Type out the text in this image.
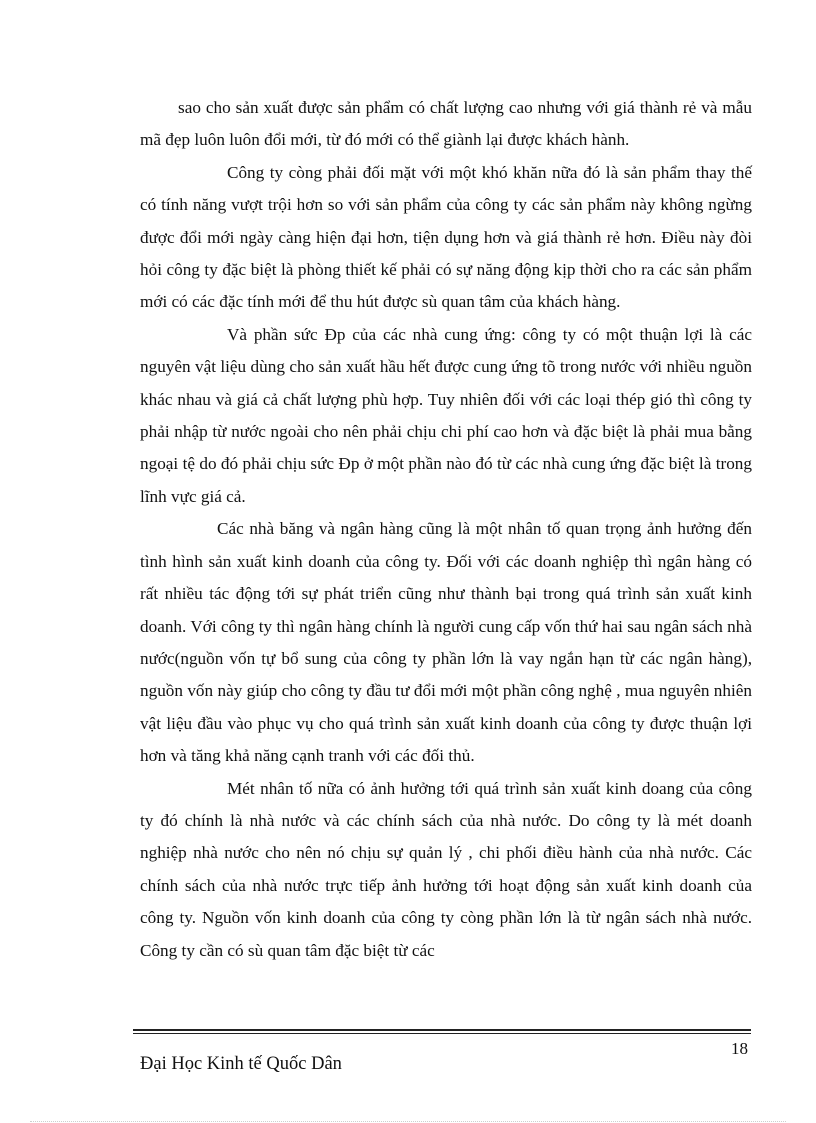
sao cho sản xuất được sản phẩm có chất lượng cao nhưng với giá thành rẻ và mẫu mã đẹp luôn luôn đổi mới, từ đó mới có thể giành lại được khách hành.

Công ty còng phải đối mặt với một khó khăn nữa đó là sản phẩm thay thế có tính năng vượt trội hơn so với sản phẩm của công ty các sản phẩm này không ngừng được đổi mới ngày càng hiện đại hơn, tiện dụng hơn và giá thành rẻ hơn. Điều này đòi hỏi công ty đặc biệt là phòng thiết kế phải có sự năng động kịp thời cho ra các sản phẩm mới có các đặc tính mới để thu hút được sù quan tâm của khách hàng.

Và phần sức Ðp của các nhà cung ứng: công ty có một thuận lợi là các nguyên vật liệu dùng cho sản xuất hầu hết được cung ứng tõ trong nước với nhiều nguồn khác nhau và giá cả chất lượng phù hợp. Tuy nhiên đối với các loại thép gió thì công ty phải nhập từ nước ngoài cho nên phải chịu chi phí cao hơn và đặc biệt là phải mua bằng ngoại tệ do đó phải chịu sức Ðp ở một phần nào đó từ các nhà cung ứng đặc biệt là trong lĩnh vực giá cả.

Các nhà băng và ngân hàng cũng là một nhân tố quan trọng ảnh hưởng đến tình hình sản xuất kinh doanh của công ty. Đối với các doanh nghiệp thì ngân hàng có rất nhiều tác động tới sự phát triển cũng như thành bại trong quá trình sản xuất kinh doanh. Với công ty thì ngân hàng chính là người cung cấp vốn thứ hai sau ngân sách nhà nước(nguồn vốn tự bổ sung của công ty phần lớn là vay ngắn hạn từ các ngân hàng), nguồn vốn này giúp cho công ty đầu tư đổi mới một phần công nghệ , mua nguyên nhiên vật liệu đầu vào phục vụ cho quá trình sản xuất kinh doanh của công ty được thuận lợi hơn và tăng khả năng cạnh tranh với các đối thủ.

Mét nhân tố nữa có ảnh hưởng tới quá trình sản xuất kinh doang của công ty đó chính là nhà nước và các chính sách của nhà nước. Do công ty là mét doanh nghiệp nhà nước cho nên nó chịu sự quản lý , chi phối điều hành của nhà nước. Các chính sách của nhà nước trực tiếp ảnh hưởng tới hoạt động sản xuất kinh doanh của công ty. Nguồn vốn kinh doanh của công ty còng phần lớn là từ ngân sách nhà nước. Công ty cần có sù quan tâm đặc biệt từ các

18
Đại Học Kinh tế Quốc Dân
